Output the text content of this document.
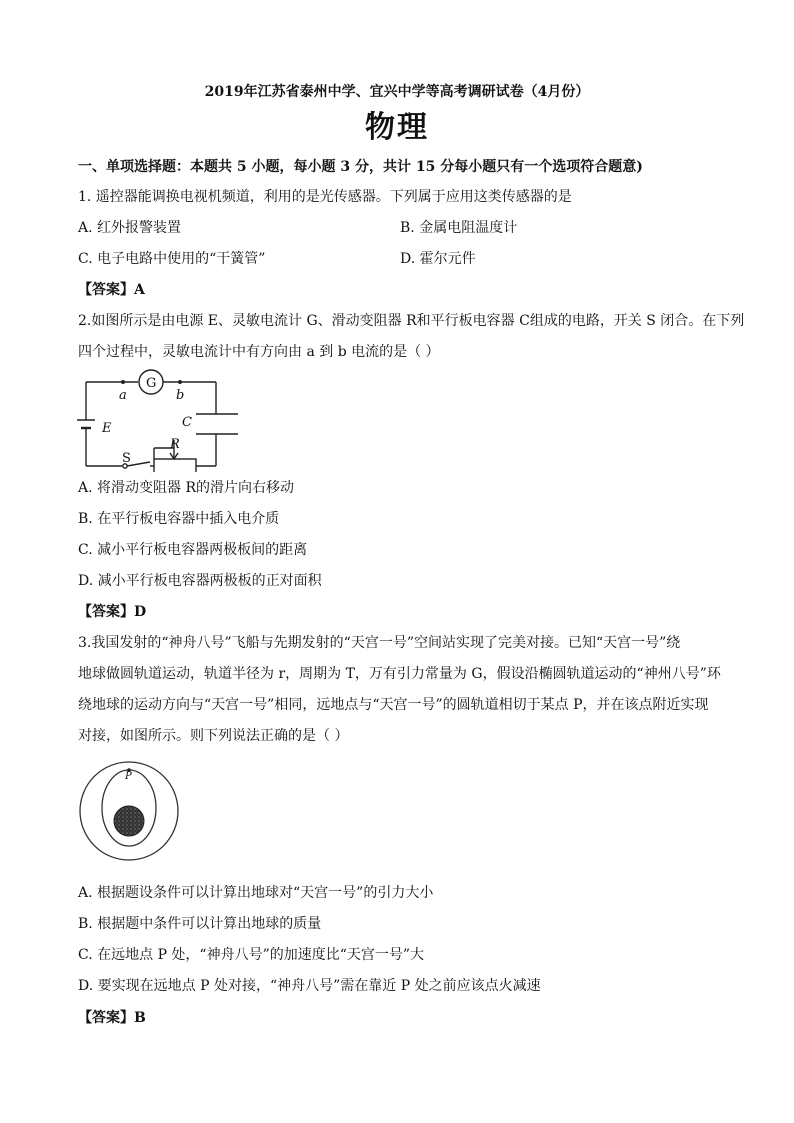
2019年江苏省泰州中学、宜兴中学等高考调研试卷（4月份）
物理
一、单项选择题：本题共 5 小题，每小题 3 分，共计 15 分每小题只有一个选项符合题意)
1. 遥控器能调换电视机频道，利用的是光传感器。下列属于应用这类传感器的是
A. 红外报警装置	B. 金属电阻温度计
C. 电子电路中使用的“干簧管”	D. 霍尔元件
【答案】A
2.如图所示是由电源 E、灵敏电流计 G、滑动变阻器 R和平行板电容器 C组成的电路，开关 S 闭合。在下列
四个过程中，灵敏电流计中有方向由 a 到 b 电流的是（ ）
G
a	b
C
E
R
S
A. 将滑动变阻器 R的滑片向右移动
B. 在平行板电容器中插入电介质
C. 减小平行板电容器两极板间的距离
D. 减小平行板电容器两极板的正对面积
【答案】D
3.我国发射的“神舟八号”飞船与先期发射的“天宫一号”空间站实现了完美对接。已知“天宫一号”绕
地球做圆轨道运动，轨道半径为 r，周期为 T，万有引力常量为 G，假设沿椭圆轨道运动的“神州八号”环
绕地球的运动方向与“天宫一号”相同，远地点与“天宫一号”的圆轨道相切于某点 P，并在该点附近实现
对接，如图所示。则下列说法正确的是（ ）
P
A. 根据题设条件可以计算出地球对“天宫一号”的引力大小
B. 根据题中条件可以计算出地球的质量
C. 在远地点 P 处，“神舟八号”的加速度比“天宫一号”大
D. 要实现在远地点 P 处对接，“神舟八号”需在靠近 P 处之前应该点火减速
【答案】B
